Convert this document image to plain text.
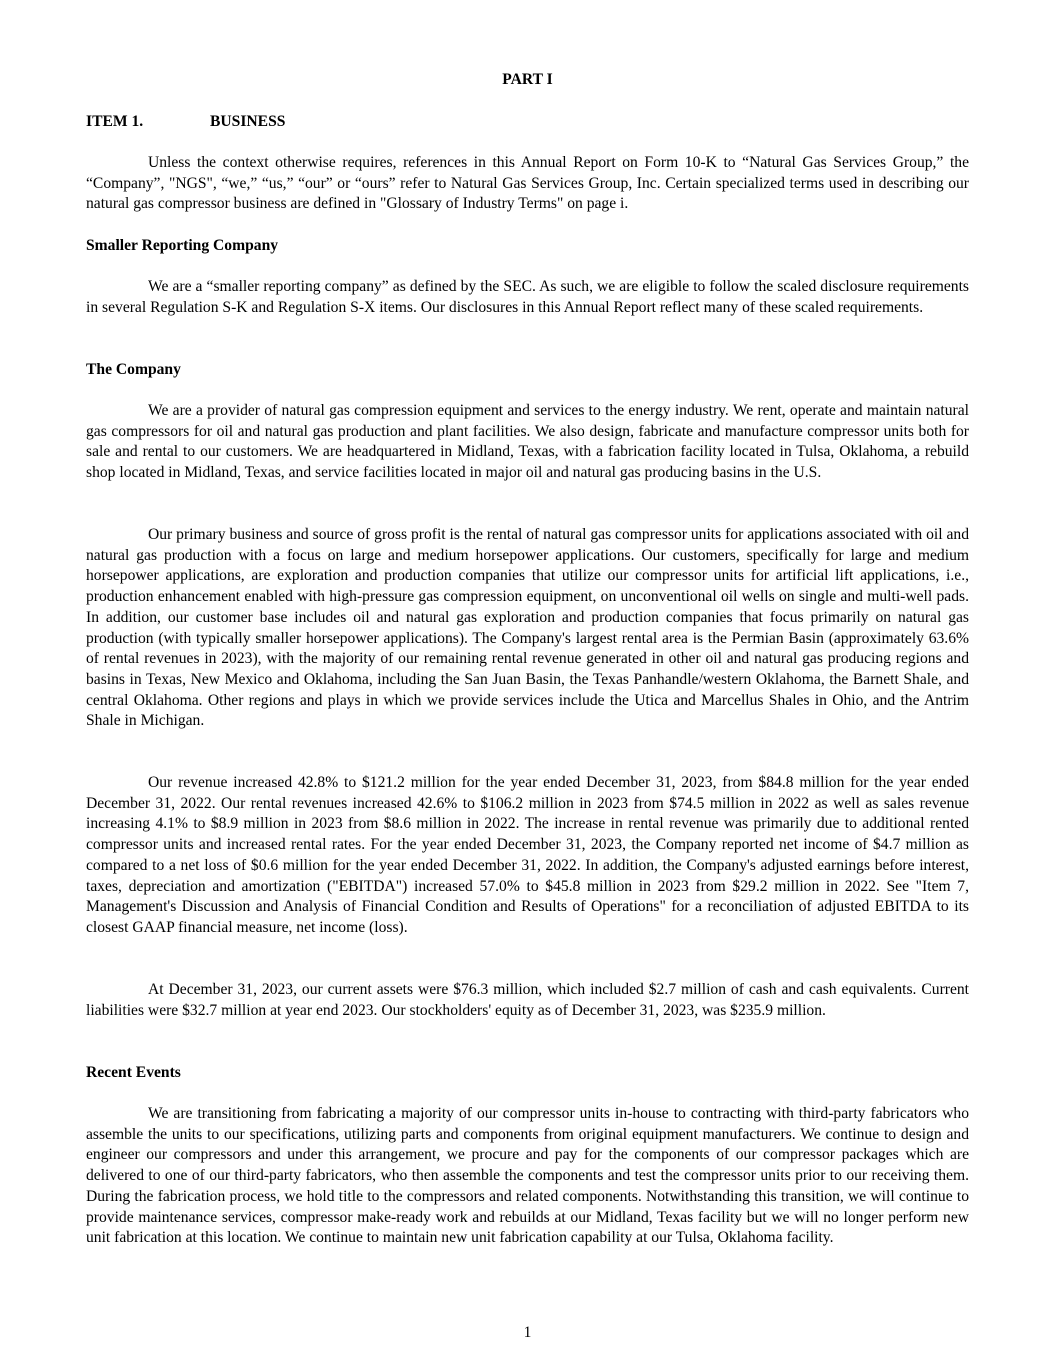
PART I
ITEM 1.	BUSINESS

Unless the context otherwise requires, references in this Annual Report on Form 10-K to “Natural Gas Services Group,” the “Company”, "NGS", “we,” “us,” “our” or “ours” refer to Natural Gas Services Group, Inc. Certain specialized terms used in describing our natural gas compressor business are defined in "Glossary of Industry Terms" on page i.

Smaller Reporting Company

We are a “smaller reporting company” as defined by the SEC. As such, we are eligible to follow the scaled disclosure requirements in several Regulation S-K and Regulation S-X items. Our disclosures in this Annual Report reflect many of these scaled requirements.

The Company

We are a provider of natural gas compression equipment and services to the energy industry. We rent, operate and maintain natural gas compressors for oil and natural gas production and plant facilities. We also design, fabricate and manufacture compressor units both for sale and rental to our customers. We are headquartered in Midland, Texas, with a fabrication facility located in Tulsa, Oklahoma, a rebuild shop located in Midland, Texas, and service facilities located in major oil and natural gas producing basins in the U.S.

Our primary business and source of gross profit is the rental of natural gas compressor units for applications associated with oil and natural gas production with a focus on large and medium horsepower applications. Our customers, specifically for large and medium horsepower applications, are exploration and production companies that utilize our compressor units for artificial lift applications, i.e., production enhancement enabled with high-pressure gas compression equipment, on unconventional oil wells on single and multi-well pads. In addition, our customer base includes oil and natural gas exploration and production companies that focus primarily on natural gas production (with typically smaller horsepower applications). The Company's largest rental area is the Permian Basin (approximately 63.6% of rental revenues in 2023), with the majority of our remaining rental revenue generated in other oil and natural gas producing regions and basins in Texas, New Mexico and Oklahoma, including the San Juan Basin, the Texas Panhandle/western Oklahoma, the Barnett Shale, and central Oklahoma. Other regions and plays in which we provide services include the Utica and Marcellus Shales in Ohio, and the Antrim Shale in Michigan.

Our revenue increased 42.8% to $121.2 million for the year ended December 31, 2023, from $84.8 million for the year ended December 31, 2022. Our rental revenues increased 42.6% to $106.2 million in 2023 from $74.5 million in 2022 as well as sales revenue increasing 4.1% to $8.9 million in 2023 from $8.6 million in 2022. The increase in rental revenue was primarily due to additional rented compressor units and increased rental rates. For the year ended December 31, 2023, the Company reported net income of $4.7 million as compared to a net loss of $0.6 million for the year ended December 31, 2022. In addition, the Company's adjusted earnings before interest, taxes, depreciation and amortization ("EBITDA") increased 57.0% to $45.8 million in 2023 from $29.2 million in 2022. See "Item 7, Management's Discussion and Analysis of Financial Condition and Results of Operations" for a reconciliation of adjusted EBITDA to its closest GAAP financial measure, net income (loss).

At December 31, 2023, our current assets were $76.3 million, which included $2.7 million of cash and cash equivalents. Current liabilities were $32.7 million at year end 2023. Our stockholders' equity as of December 31, 2023, was $235.9 million.

Recent Events

We are transitioning from fabricating a majority of our compressor units in-house to contracting with third-party fabricators who assemble the units to our specifications, utilizing parts and components from original equipment manufacturers. We continue to design and engineer our compressors and under this arrangement, we procure and pay for the components of our compressor packages which are delivered to one of our third-party fabricators, who then assemble the components and test the compressor units prior to our receiving them. During the fabrication process, we hold title to the compressors and related components. Notwithstanding this transition, we will continue to provide maintenance services, compressor make-ready work and rebuilds at our Midland, Texas facility but we will no longer perform new unit fabrication at this location. We continue to maintain new unit fabrication capability at our Tulsa, Oklahoma facility.

1
